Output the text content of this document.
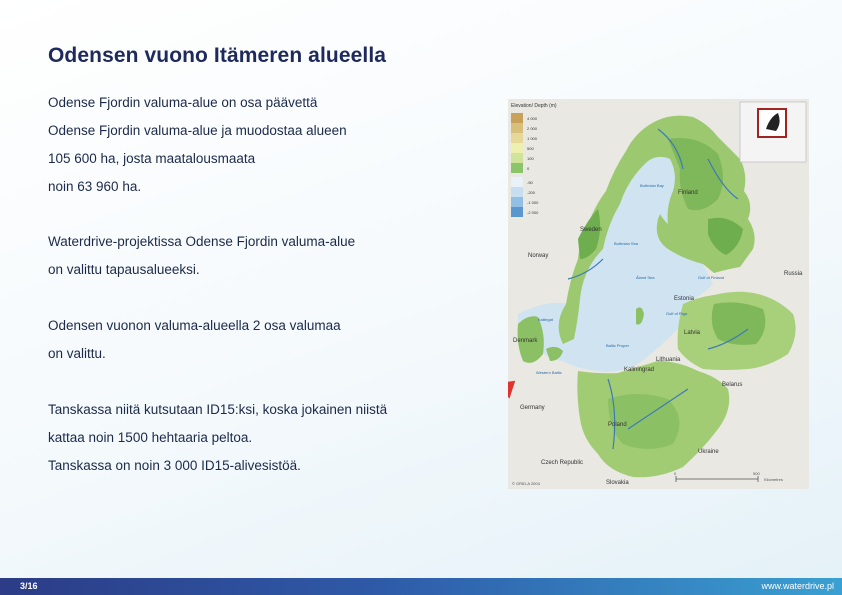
Odensen vuono Itämeren alueella
Odense Fjordin valuma-alue on osa päävettä
Odense Fjordin valuma-alue ja muodostaa alueen
105 600 ha, josta maatalousmaata
noin 63 960 ha.
Waterdrive-projektissa Odense Fjordin valuma-alue
on valittu tapausalueeksi.
Odensen vuonon valuma-alueella 2 osa valumaa
on valittu.
Tanskassa niitä kutsutaan ID15:ksi, koska jokainen niistä
kattaa noin 1500 hehtaaria peltoa.
Tanskassa on noin 3 000 ID15-alivesistöä.
Elevation/ Depth (m)
4 000
2 000
1 000
500
100
0
-50
-200
-1 000
-2 000
Finland
Sweden
Norway
Russia
Estonia
Latvia
Lithuania
Denmark
Kaliningrad
Belarus
Germany
Poland
Czech Republic
Slovakia
Ukraine
Bothnian Bay
Bothnian Sea
Åland Sea	Gulf of Finland
Gulf of Riga
Baltic Proper
Western Baltic
Kattegat
© GRID-A 2004
0	500
Kilometres
3/16	www.waterdrive.pl
